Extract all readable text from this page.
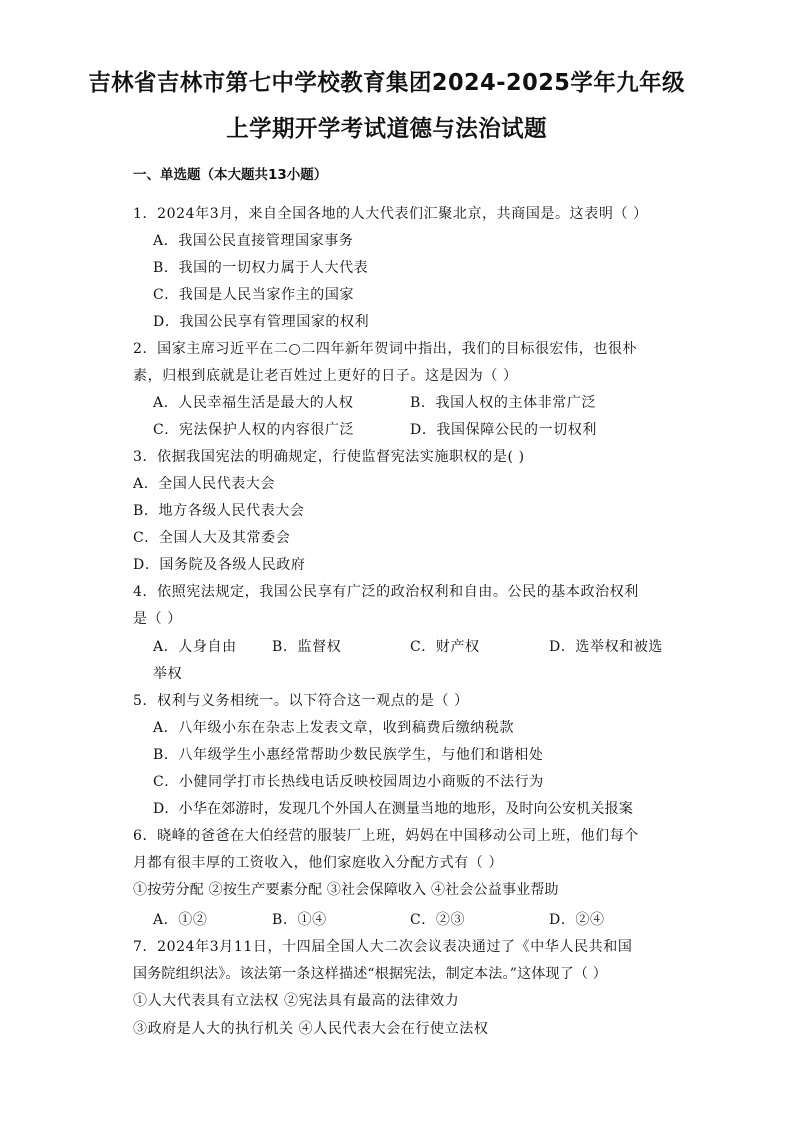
吉林省吉林市第七中学校教育集团2024-2025学年九年级
上学期开学考试道德与法治试题
一、单选题（本大题共13小题）
1．2024年3月，来自全国各地的人大代表们汇聚北京，共商国是。这表明（ ）
A．我国公民直接管理国家事务
B．我国的一切权力属于人大代表
C．我国是人民当家作主的国家
D．我国公民享有管理国家的权利
2．国家主席习近平在二○二四年新年贺词中指出，我们的目标很宏伟，也很朴
素，归根到底就是让老百姓过上更好的日子。这是因为（ ）
A．人民幸福生活是最大的人权	B．我国人权的主体非常广泛
C．宪法保护人权的内容很广泛	D．我国保障公民的一切权利
3．依据我国宪法的明确规定，行使监督宪法实施职权的是( )
A．全国人民代表大会
B．地方各级人民代表大会
C．全国人大及其常委会
D．国务院及各级人民政府
4．依照宪法规定，我国公民享有广泛的政治权利和自由。公民的基本政治权利
是（ ）
A．人身自由	B．监督权	C．财产权	D．选举权和被选
举权
5．权利与义务相统一。以下符合这一观点的是（ ）
A．八年级小东在杂志上发表文章，收到稿费后缴纳税款
B．八年级学生小惠经常帮助少数民族学生，与他们和谐相处
C．小健同学打市长热线电话反映校园周边小商贩的不法行为
D．小华在郊游时，发现几个外国人在测量当地的地形，及时向公安机关报案
6．晓峰的爸爸在大伯经营的服装厂上班，妈妈在中国移动公司上班，他们每个
月都有很丰厚的工资收入，他们家庭收入分配方式有（ ）
①按劳分配 ②按生产要素分配 ③社会保障收入 ④社会公益事业帮助
A．①②	B．①④	C．②③	D．②④
7．2024年3月11日，十四届全国人大二次会议表决通过了《中华人民共和国
国务院组织法》。该法第一条这样描述“根据宪法，制定本法。”这体现了（ ）
①人大代表具有立法权 ②宪法具有最高的法律效力
③政府是人大的执行机关 ④人民代表大会在行使立法权
